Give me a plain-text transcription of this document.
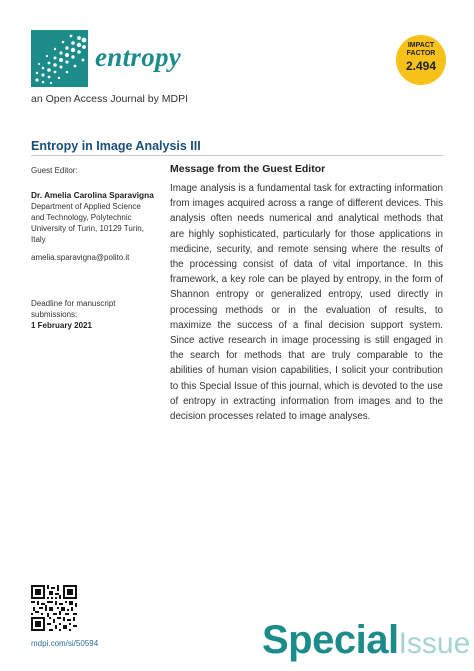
entropy
an Open Access Journal by MDPI
IMPACT
FACTOR
2.494
Entropy in Image Analysis III
Guest Editor:
Dr. Amelia Carolina Sparavigna
Department of Applied Science and Technology, Polytechnic University of Turin, 10129 Turin, Italy
amelia.sparavigna@polito.it
Deadline for manuscript submissions:
1 February 2021
Message from the Guest Editor

Image analysis is a fundamental task for extracting information from images acquired across a range of different devices. This analysis often needs numerical and analytical methods that are highly sophisticated, particularly for those applications in medicine, security, and remote sensing where the results of the processing consist of data of vital importance. In this framework, a key role can be played by entropy, in the form of Shannon entropy or generalized entropy, used directly in processing methods or in the evaluation of results, to maximize the success of a final decision support system. Since active research in image processing is still engaged in the search for methods that are truly comparable to the abilities of human vision capabilities, I solicit your contribution to this Special Issue of this journal, which is devoted to the use of entropy in extracting information from images and to the decision processes related to image analyses.

mdpi.com/si/50594	SpecialIssue
